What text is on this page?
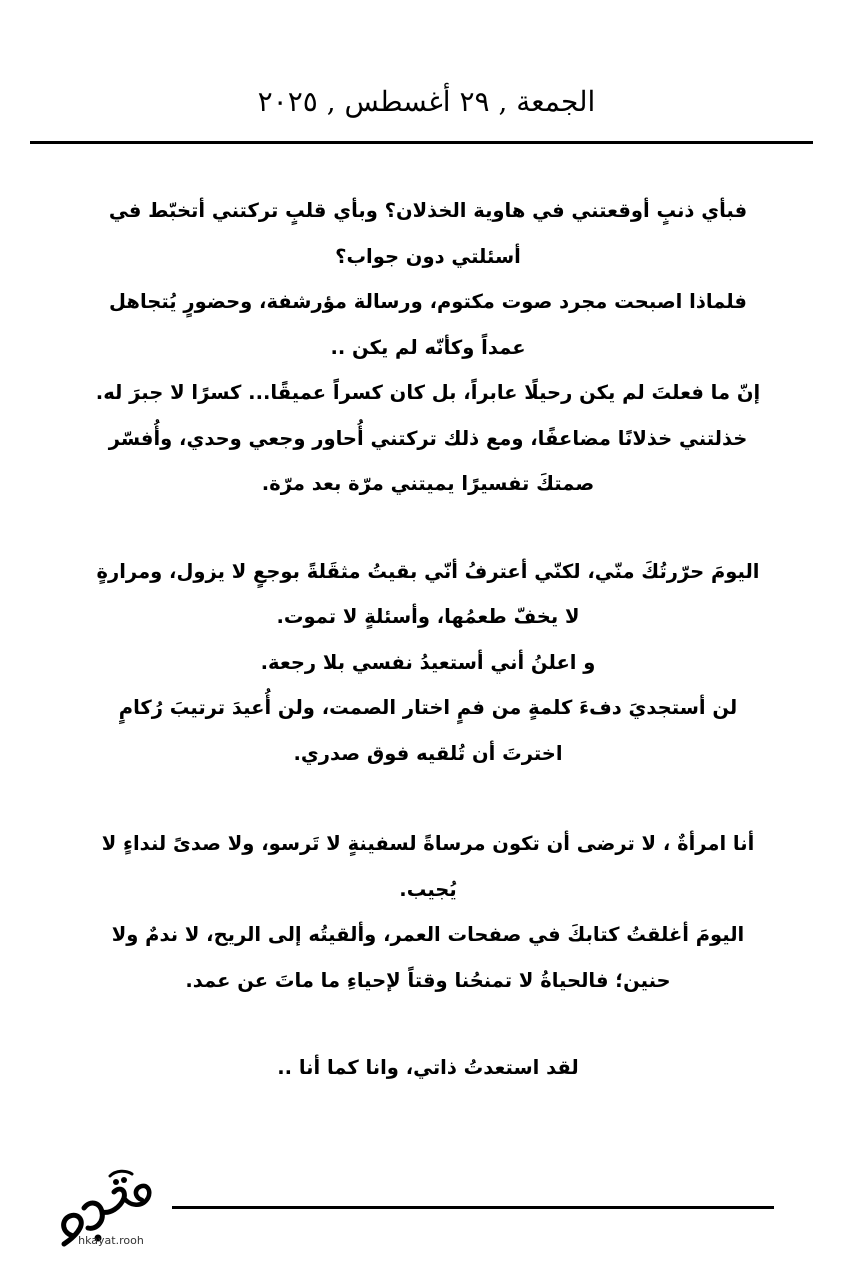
الجمعة , ٢٩ أغسطس , ٢٠٢٥

فبأي ذنبٍ أوقعتني في هاوية الخذلان؟ وبأي قلبٍ تركتني أتخبّط في أسئلتي دون جواب؟

فلماذا اصبحت مجرد صوت مكتوم، ورسالة مؤرشفة، وحضورٍ يُتجاهل عمداً وكأنّه لم يكن ..

إنّ ما فعلتَ لم يكن رحيلًا عابراً، بل كان كسراً عميقًا... كسرًا لا جبرَ له.

خذلتني خذلانًا مضاعفًا، ومع ذلك تركتني أُحاور وجعي وحدي، وأُفسّر صمتكَ تفسيرًا يميتني مرّة بعد مرّة.

اليومَ حرّرتُكَ منّي، لكنّي أعترفُ أنّي بقيتُ مثقَلةً بوجعٍ لا يزول، ومرارةٍ لا يخفّ طعمُها، وأسئلةٍ لا تموت.

و اعلنُ أني أستعيدُ نفسي بلا رجعة.

لن أستجديَ دفءَ كلمةٍ من فمٍ اختار الصمت، ولن أُعيدَ ترتيبَ رُكامٍ اخترتَ أن تُلقيه فوق صدري.

أنا امرأةٌ ، لا ترضى أن تكون مرساةً لسفينةٍ لا تَرسو، ولا صدىً لنداءٍ لا يُجيب.

اليومَ أغلقتُ كتابكَ في صفحات العمر، وألقيتُه إلى الريح، لا ندمٌ ولا حنين؛ فالحياةُ لا تمنحُنا وقتاً لإحياءِ ما ماتَ عن عمد.

لقد استعدتُ ذاتي، وانا كما أنا ..

hkayat.rooh
